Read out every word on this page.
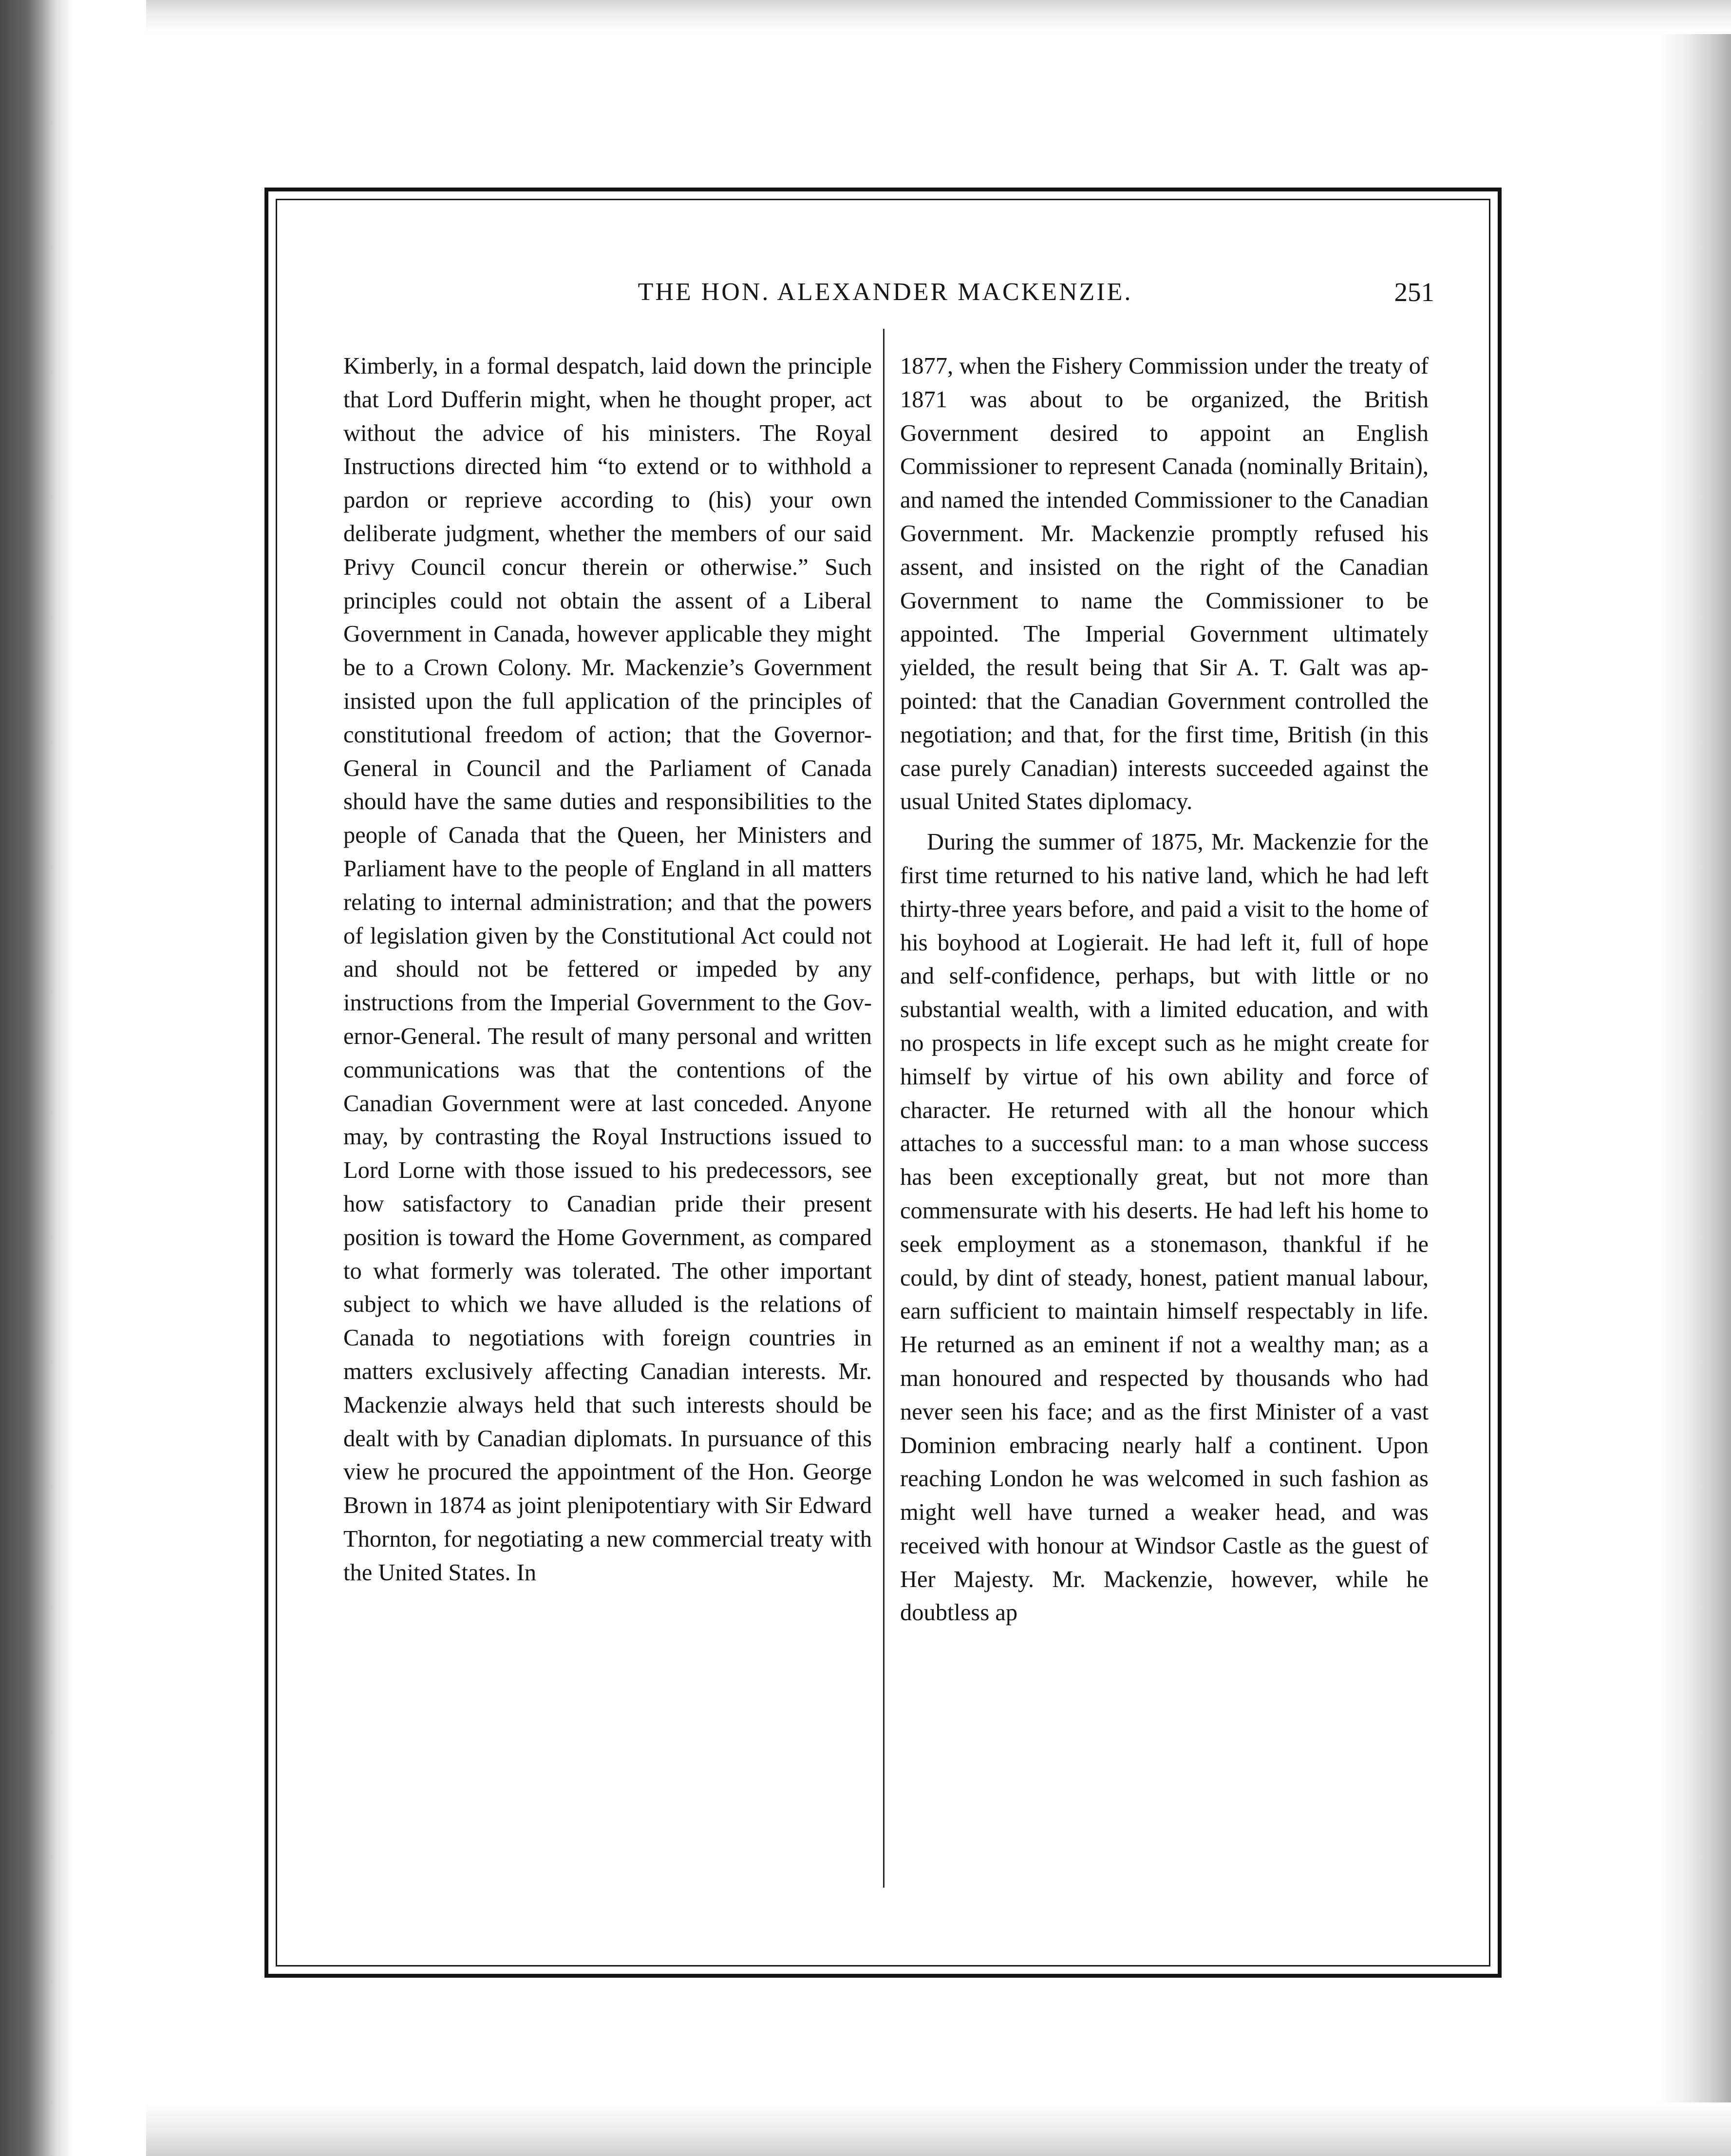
THE HON. ALEXANDER MACKENZIE.	251

Kimberly, in a formal despatch, laid down the principle that Lord Dufferin might, when he thought proper, act without the advice of his ministers. The Royal Instructions directed him “to extend or to withhold a pardon or reprieve according to (his) your own deliberate judgment, whether the members of our said Privy Council concur therein or otherwise.” Such principles could not obtain the assent of a Liberal Government in Canada, however applicable they might be to a Crown Colony. Mr. Mackenzie’s Government insisted upon the full application of the principles of constitutional freedom of action; that the Governor-General in Council and the Parliament of Canada should have the same duties and responsibilities to the people of Canada that the Queen, her Ministers and Parliament have to the people of England in all matters relating to internal administration; and that the powers of legislation given by the Constitutional Act could not and should not be fettered or impeded by any instructions from the Imperial Government to the Governor-General. The result of many personal and written communications was that the contentions of the Canadian Government were at last conceded. Anyone may, by contrasting the Royal Instructions issued to Lord Lorne with those issued to his predecessors, see how satisfactory to Canadian pride their present position is toward the Home Government, as compared to what formerly was tolerated. The other important subject to which we have alluded is the relations of Canada to negotiations with foreign countries in matters exclusively affecting Canadian interests. Mr. Mackenzie always held that such interests should be dealt with by Canadian diplomats. In pursuance of this view he procured the appointment of the Hon. George Brown in 1874 as joint plenipotentiary with Sir Edward Thornton, for negotiating a new commercial treaty with the United States. In

1877, when the Fishery Commission under the treaty of 1871 was about to be organized, the British Government desired to appoint an English Commissioner to represent Canada (nominally Britain), and named the intended Commissioner to the Canadian Government. Mr. Mackenzie promptly refused his assent, and insisted on the right of the Canadian Government to name the Commissioner to be appointed. The Imperial Government ultimately yielded, the result being that Sir A. T. Galt was appointed: that the Canadian Government controlled the negotiation; and that, for the first time, British (in this case purely Canadian) interests succeeded against the usual United States diplomacy.

During the summer of 1875, Mr. Mackenzie for the first time returned to his native land, which he had left thirty-three years before, and paid a visit to the home of his boyhood at Logierait. He had left it, full of hope and self-confidence, perhaps, but with little or no substantial wealth, with a limited education, and with no prospects in life except such as he might create for himself by virtue of his own ability and force of character. He returned with all the honour which attaches to a successful man: to a man whose success has been exceptionally great, but not more than commensurate with his deserts. He had left his home to seek employment as a stonemason, thankful if he could, by dint of steady, honest, patient manual labour, earn sufficient to maintain himself respectably in life. He returned as an eminent if not a wealthy man; as a man honoured and respected by thousands who had never seen his face; and as the first Minister of a vast Dominion embracing nearly half a continent. Upon reaching London he was welcomed in such fashion as might well have turned a weaker head, and was received with honour at Windsor Castle as the guest of Her Majesty. Mr. Mackenzie, however, while he doubtless ap
